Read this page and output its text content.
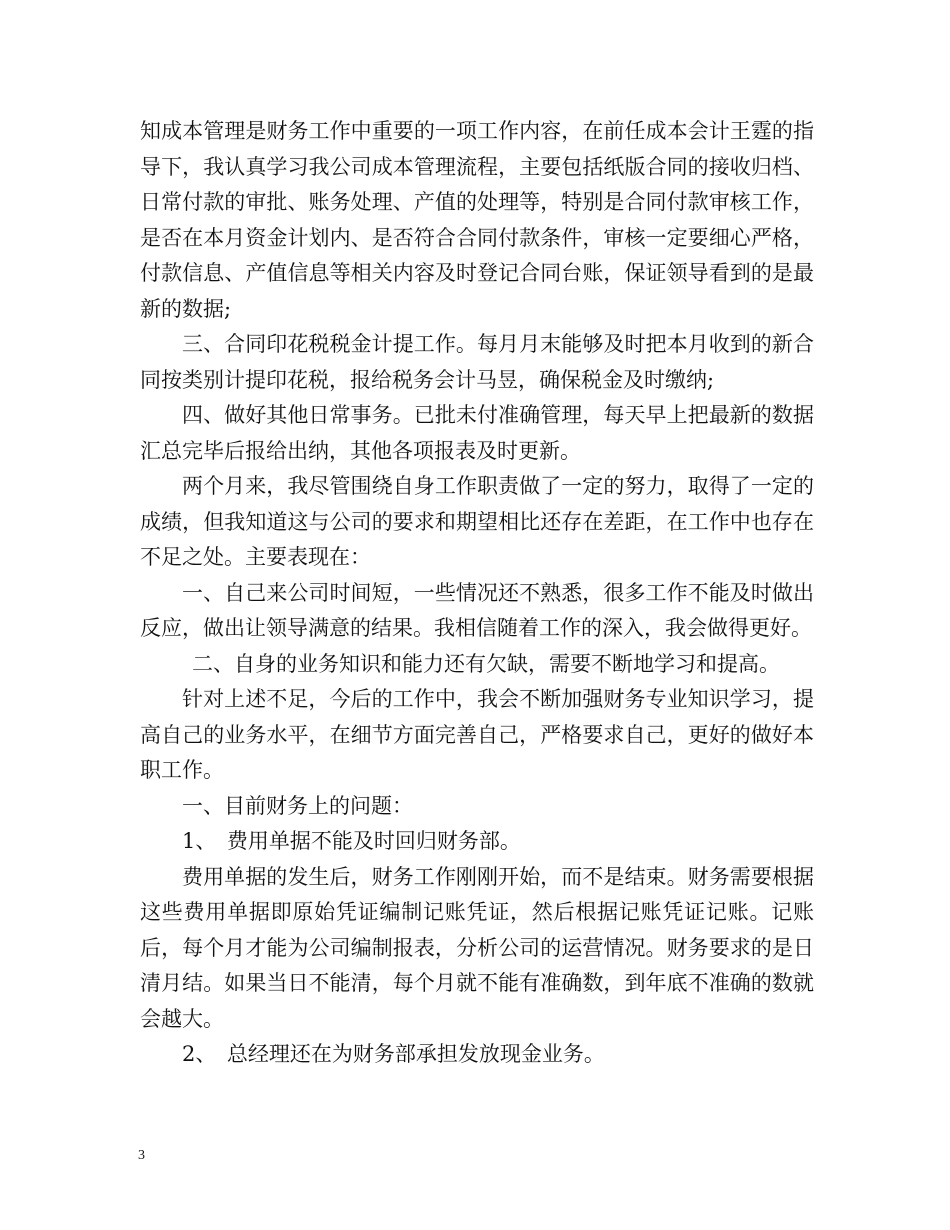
知成本管理是财务工作中重要的一项工作内容，在前任成本会计王霆的指导下，我认真学习我公司成本管理流程，主要包括纸版合同的接收归档、日常付款的审批、账务处理、产值的处理等，特别是合同付款审核工作，是否在本月资金计划内、是否符合合同付款条件，审核一定要细心严格，付款信息、产值信息等相关内容及时登记合同台账，保证领导看到的是最新的数据;

三、合同印花税税金计提工作。每月月末能够及时把本月收到的新合同按类别计提印花税，报给税务会计马昱，确保税金及时缴纳;

四、做好其他日常事务。已批未付准确管理，每天早上把最新的数据汇总完毕后报给出纳，其他各项报表及时更新。

两个月来，我尽管围绕自身工作职责做了一定的努力，取得了一定的成绩，但我知道这与公司的要求和期望相比还存在差距，在工作中也存在不足之处。主要表现在：

一、自己来公司时间短，一些情况还不熟悉，很多工作不能及时做出反应，做出让领导满意的结果。我相信随着工作的深入，我会做得更好。

二、自身的业务知识和能力还有欠缺，需要不断地学习和提高。

针对上述不足，今后的工作中，我会不断加强财务专业知识学习，提高自己的业务水平，在细节方面完善自己，严格要求自己，更好的做好本职工作。

一、目前财务上的问题：

1、　费用单据不能及时回归财务部。

费用单据的发生后，财务工作刚刚开始，而不是结束。财务需要根据这些费用单据即原始凭证编制记账凭证，然后根据记账凭证记账。记账后，每个月才能为公司编制报表，分析公司的运营情况。财务要求的是日清月结。如果当日不能清，每个月就不能有准确数，到年底不准确的数就会越大。

2、　总经理还在为财务部承担发放现金业务。

3
